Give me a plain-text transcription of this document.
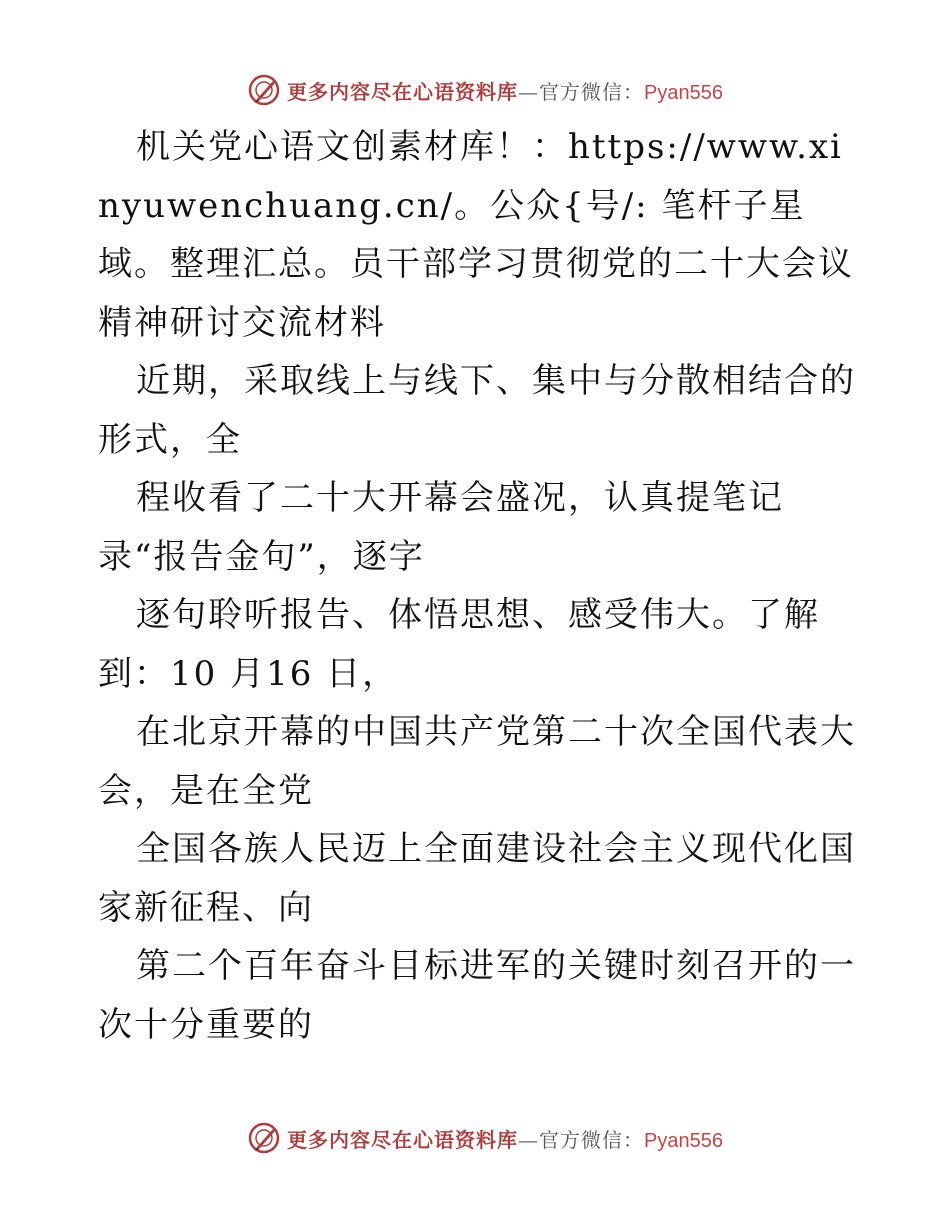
更多内容尽在心语资料库—官方微信：Pyan556

机关党心语文创素材库！：https://www.xinyuwenchuang.cn/。公众{号/: 笔杆子星域。整理汇总。员干部学习贯彻党的二十大会议精神研讨交流材料

近期，采取线上与线下、集中与分散相结合的形式，全

程收看了二十大开幕会盛况，认真提笔记录“报告金句”，逐字

逐句聆听报告、体悟思想、感受伟大。了解到：10 月16 日，

在北京开幕的中国共产党第二十次全国代表大会，是在全党

全国各族人民迈上全面建设社会主义现代化国家新征程、向

第二个百年奋斗目标进军的关键时刻召开的一次十分重要的

更多内容尽在心语资料库—官方微信：Pyan556
